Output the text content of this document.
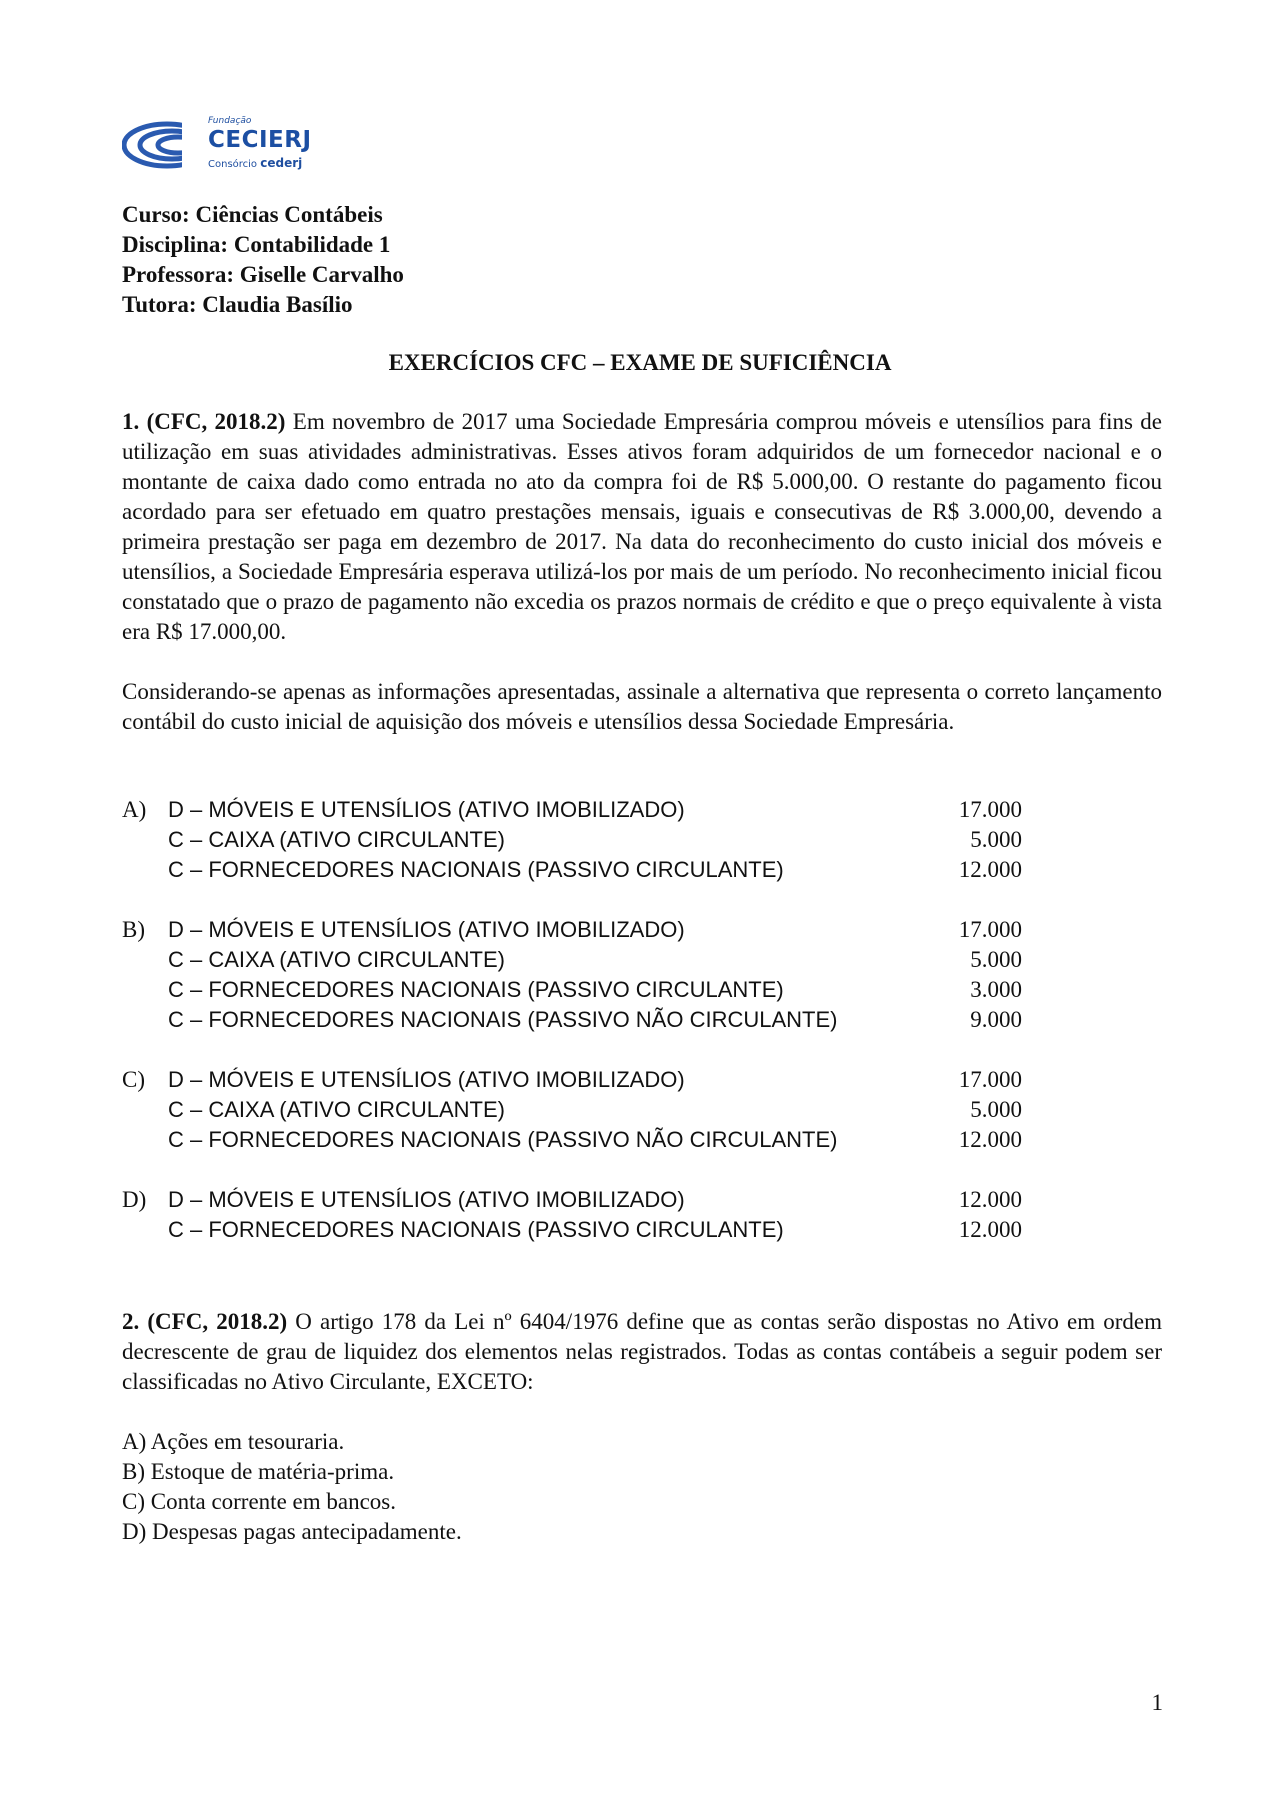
Fundação
CECIERJ
Consórcio cederj
Curso: Ciências Contábeis
Disciplina: Contabilidade 1
Professora: Giselle Carvalho
Tutora: Claudia Basílio
EXERCÍCIOS CFC – EXAME DE SUFICIÊNCIA
1. (CFC, 2018.2) Em novembro de 2017 uma Sociedade Empresária comprou móveis e utensílios para fins de utilização em suas atividades administrativas. Esses ativos foram adquiridos de um fornecedor nacional e o montante de caixa dado como entrada no ato da compra foi de R$ 5.000,00. O restante do pagamento ficou acordado para ser efetuado em quatro prestações mensais, iguais e consecutivas de R$ 3.000,00, devendo a primeira prestação ser paga em dezembro de 2017. Na data do reconhecimento do custo inicial dos móveis e utensílios, a Sociedade Empresária esperava utilizá-los por mais de um período. No reconhecimento inicial ficou constatado que o prazo de pagamento não excedia os prazos normais de crédito e que o preço equivalente à vista era R$ 17.000,00.
Considerando-se apenas as informações apresentadas, assinale a alternativa que representa o correto lançamento contábil do custo inicial de aquisição dos móveis e utensílios dessa Sociedade Empresária.
A) D – MÓVEIS E UTENSÍLIOS (ATIVO IMOBILIZADO)	17.000
C – CAIXA (ATIVO CIRCULANTE)	5.000
C – FORNECEDORES NACIONAIS (PASSIVO CIRCULANTE)	12.000
B) D – MÓVEIS E UTENSÍLIOS (ATIVO IMOBILIZADO)	17.000
C – CAIXA (ATIVO CIRCULANTE)	5.000
C – FORNECEDORES NACIONAIS (PASSIVO CIRCULANTE)	3.000
C – FORNECEDORES NACIONAIS (PASSIVO NÃO CIRCULANTE)	9.000
C) D – MÓVEIS E UTENSÍLIOS (ATIVO IMOBILIZADO)	17.000
C – CAIXA (ATIVO CIRCULANTE)	5.000
C – FORNECEDORES NACIONAIS (PASSIVO NÃO CIRCULANTE)	12.000
D) D – MÓVEIS E UTENSÍLIOS (ATIVO IMOBILIZADO)	12.000
C – FORNECEDORES NACIONAIS (PASSIVO CIRCULANTE)	12.000
2. (CFC, 2018.2) O artigo 178 da Lei nº 6404/1976 define que as contas serão dispostas no Ativo em ordem decrescente de grau de liquidez dos elementos nelas registrados. Todas as contas contábeis a seguir podem ser classificadas no Ativo Circulante, EXCETO:
A) Ações em tesouraria.
B) Estoque de matéria-prima.
C) Conta corrente em bancos.
D) Despesas pagas antecipadamente.
1
